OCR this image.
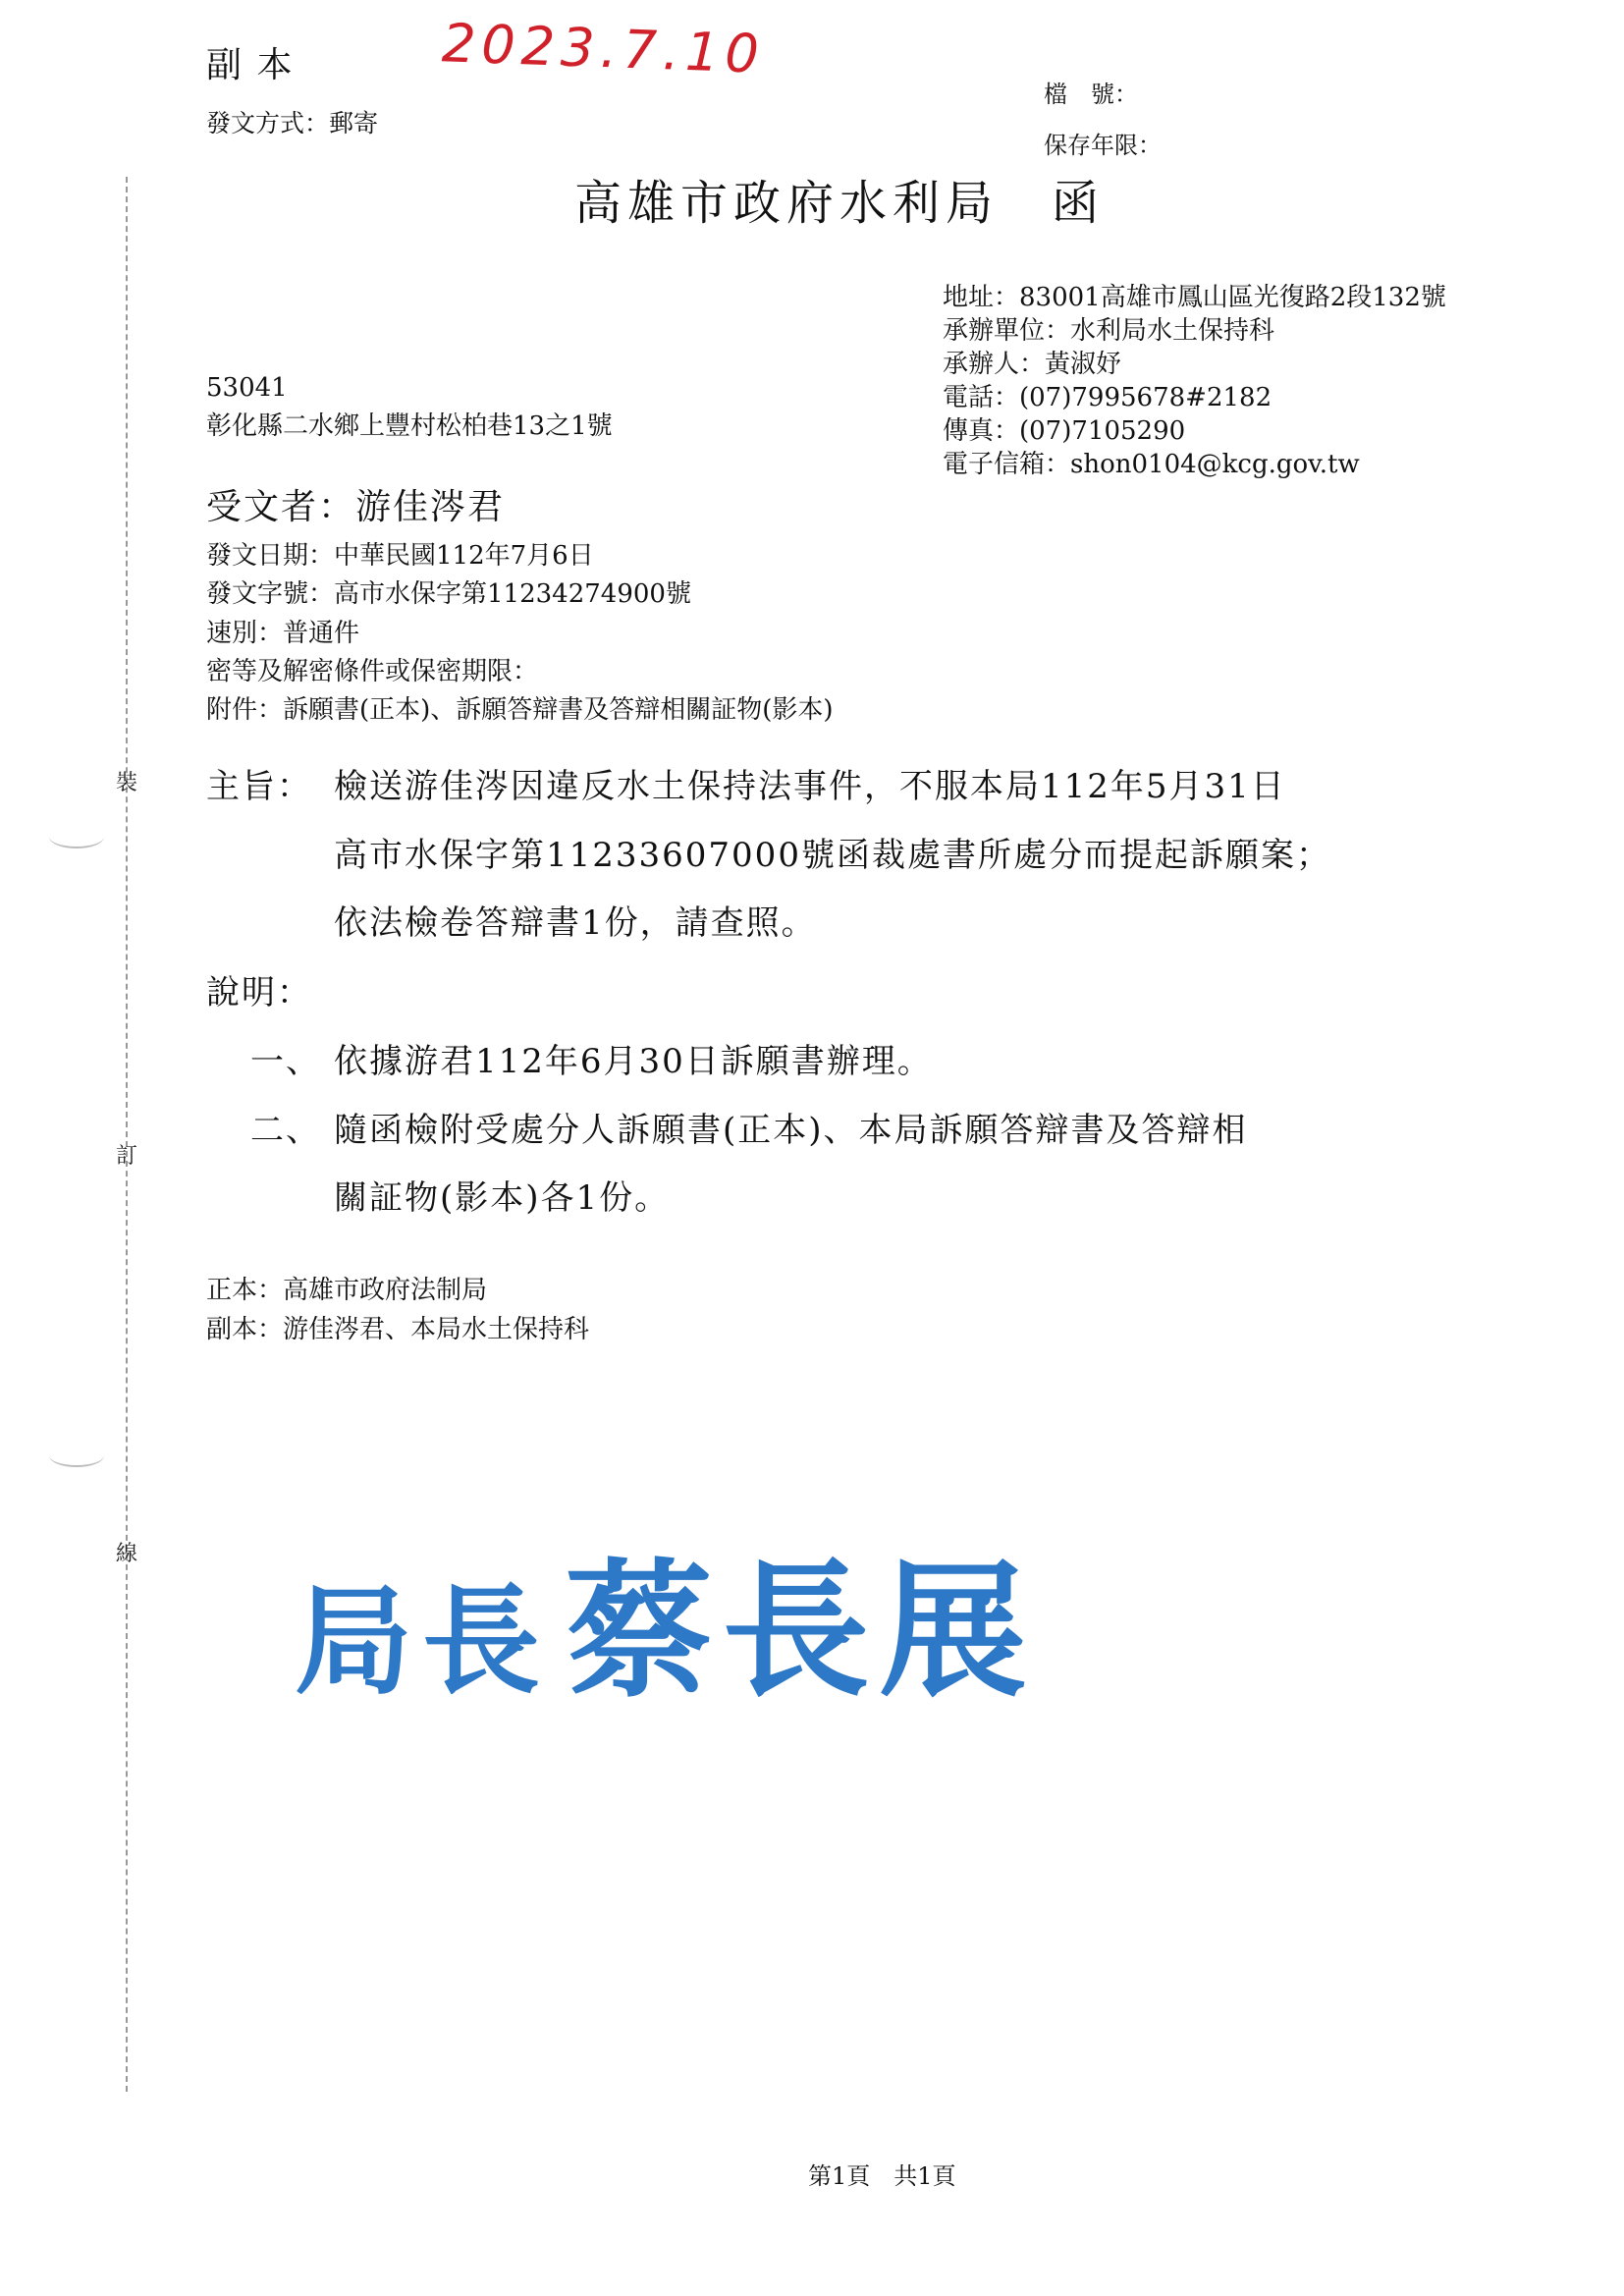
裝
訂
線
副 本	2023.7.10
發文方式：郵寄
檔　號：
保存年限：
高雄市政府水利局　函
地址：83001高雄市鳳山區光復路2段132號
承辦單位：水利局水土保持科
承辦人：黃淑妤
電話：(07)7995678#2182
傳真：(07)7105290
電子信箱：shon0104@kcg.gov.tw
53041
彰化縣二水鄉上豐村松柏巷13之1號
受文者：游佳涔君
發文日期：中華民國112年7月6日
發文字號：高市水保字第11234274900號
速別：普通件
密等及解密條件或保密期限：
附件：訴願書(正本)、訴願答辯書及答辯相關証物(影本)
主旨： 檢送游佳涔因違反水土保持法事件，不服本局112年5月31日
高市水保字第11233607000號函裁處書所處分而提起訴願案；
依法檢卷答辯書1份，請查照。
說明：
一、 依據游君112年6月30日訴願書辦理。
二、 隨函檢附受處分人訴願書(正本)、本局訴願答辯書及答辯相
關証物(影本)各1份。
正本：高雄市政府法制局
副本：游佳涔君、本局水土保持科
局長 蔡長展
第1頁　共1頁
